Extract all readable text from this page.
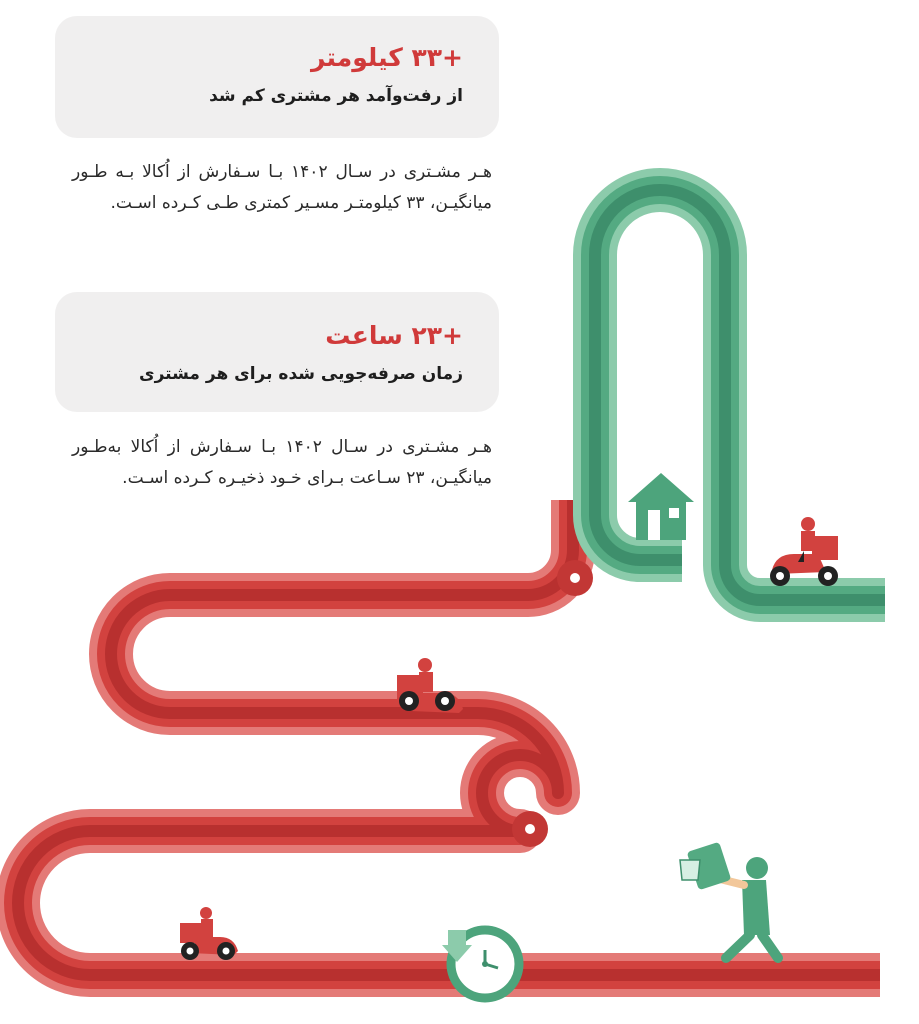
+۳۳ کیلومتر
از رفت‌وآمد هر مشتری کم شد

هـر مشـتری در سـال ۱۴۰۲ بـا سـفارش از اُکالا بـه طـور میانگیـن، ۳۳ کیلومتـر مسـیر کمتری طـی کـرده اسـت.

+۲۳ ساعت
زمان صرفه‌جویی شده برای هر مشتری

هـر مشـتری در سـال ۱۴۰۲ بـا سـفارش از اُکالا به‌طـور میانگیـن، ۲۳ سـاعت بـرای خـود ذخیـره کـرده اسـت.
